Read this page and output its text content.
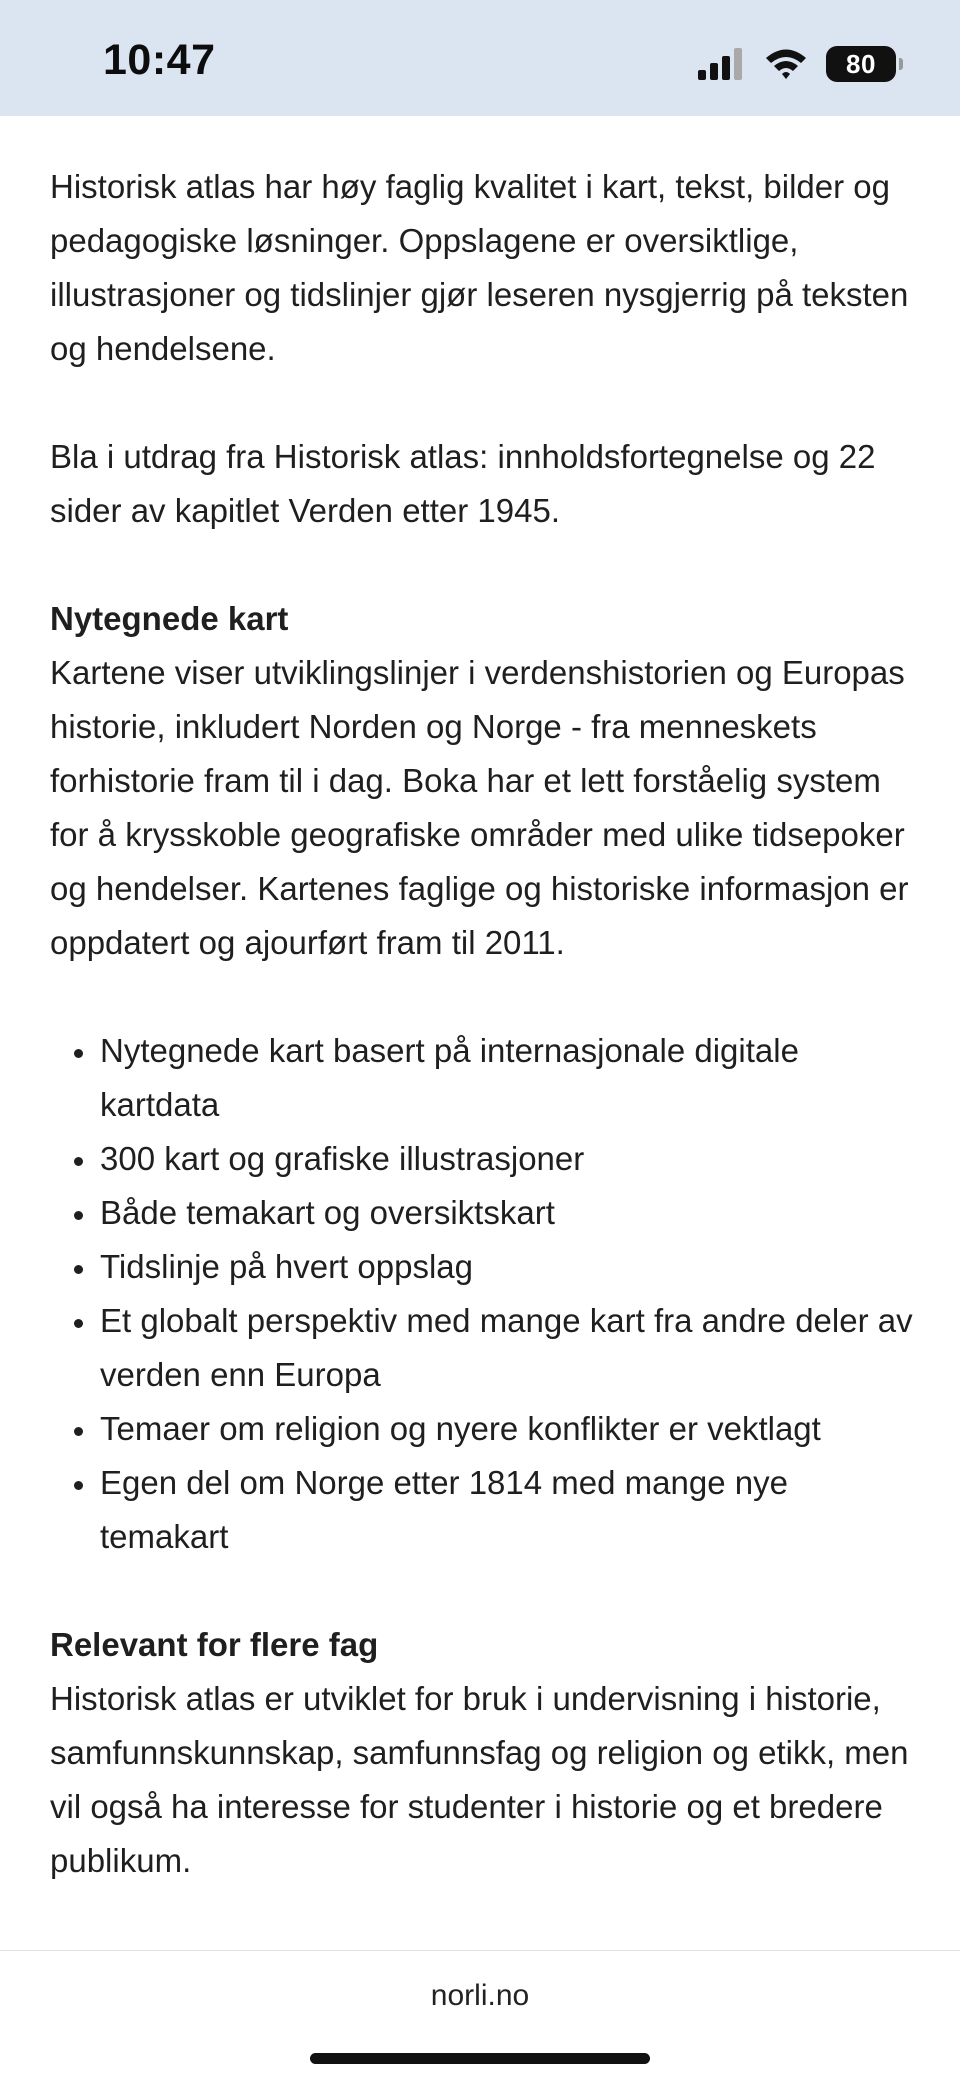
10:47	80

Historisk atlas har høy faglig kvalitet i kart, tekst, bilder og pedagogiske løsninger. Oppslagene er oversiktlige, illustrasjoner og tidslinjer gjør leseren nysgjerrig på teksten og hendelsene.

Bla i utdrag fra Historisk atlas: innholdsfortegnelse og 22 sider av kapitlet Verden etter 1945.

Nytegnede kart
Kartene viser utviklingslinjer i verdenshistorien og Europas historie, inkludert Norden og Norge - fra menneskets forhistorie fram til i dag. Boka har et lett forståelig system for å krysskoble geografiske områder med ulike tidsepoker og hendelser. Kartenes faglige og historiske informasjon er oppdatert og ajourført fram til 2011.

• Nytegnede kart basert på internasjonale digitale kartdata
• 300 kart og grafiske illustrasjoner
• Både temakart og oversiktskart
• Tidslinje på hvert oppslag
• Et globalt perspektiv med mange kart fra andre deler av verden enn Europa
• Temaer om religion og nyere konflikter er vektlagt
• Egen del om Norge etter 1814 med mange nye temakart

Relevant for flere fag
Historisk atlas er utviklet for bruk i undervisning i historie, samfunnskunnskap, samfunnsfag og religion og etikk, men vil også ha interesse for studenter i historie og et bredere publikum.

norli.no
